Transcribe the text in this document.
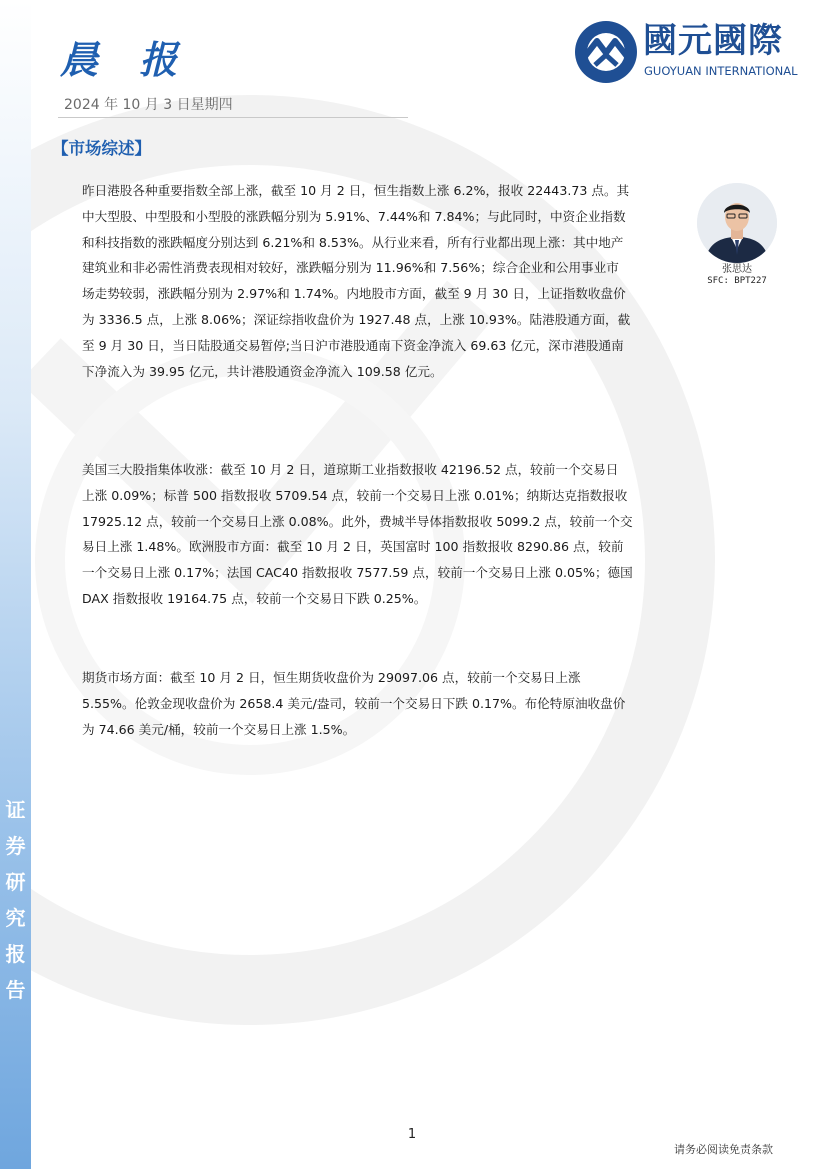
证
券
研
究
报
告
晨 报
2024 年 10 月 3 日星期四
國元國際
GUOYUAN INTERNATIONAL
【市场综述】
张思达
SFC: BPT227
昨日港股各种重要指数全部上涨，截至 10 月 2 日，恒生指数上涨 6.2%，报收 22443.73 点。其
中大型股、中型股和小型股的涨跌幅分别为 5.91%、7.44%和 7.84%；与此同时，中资企业指数
和科技指数的涨跌幅度分别达到 6.21%和 8.53%。从行业来看，所有行业都出现上涨：其中地产
建筑业和非必需性消费表现相对较好，涨跌幅分别为 11.96%和 7.56%；综合企业和公用事业市
场走势较弱，涨跌幅分别为 2.97%和 1.74%。内地股市方面，截至 9 月 30 日，上证指数收盘价
为 3336.5 点，上涨 8.06%；深证综指收盘价为 1927.48 点，上涨 10.93%。陆港股通方面，截
至 9 月 30 日，当日陆股通交易暂停;当日沪市港股通南下资金净流入 69.63 亿元，深市港股通南
下净流入为 39.95 亿元，共计港股通资金净流入 109.58 亿元。
美国三大股指集体收涨：截至 10 月 2 日，道琼斯工业指数报收 42196.52 点，较前一个交易日
上涨 0.09%；标普 500 指数报收 5709.54 点，较前一个交易日上涨 0.01%；纳斯达克指数报收
17925.12 点，较前一个交易日上涨 0.08%。此外，费城半导体指数报收 5099.2 点，较前一个交
易日上涨 1.48%。欧洲股市方面：截至 10 月 2 日，英国富时 100 指数报收 8290.86 点，较前
一个交易日上涨 0.17%；法国 CAC40 指数报收 7577.59 点，较前一个交易日上涨 0.05%；德国
DAX 指数报收 19164.75 点，较前一个交易日下跌 0.25%。
期货市场方面：截至 10 月 2 日，恒生期货收盘价为 29097.06 点，较前一个交易日上涨
5.55%。伦敦金现收盘价为 2658.4 美元/盎司，较前一个交易日下跌 0.17%。布伦特原油收盘价
为 74.66 美元/桶，较前一个交易日上涨 1.5%。
1
请务必阅读免责条款
